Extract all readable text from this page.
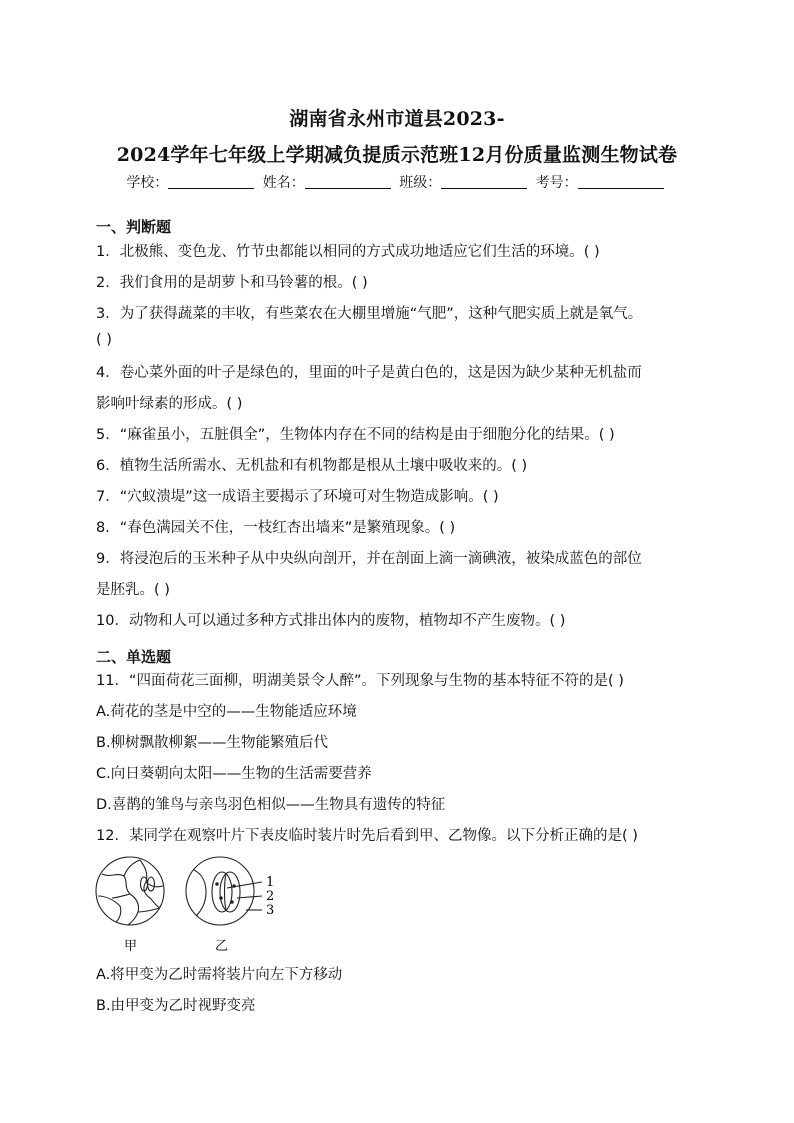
湖南省永州市道县2023-
2024学年七年级上学期减负提质示范班12月份质量监测生物试卷
学校：	姓名：	班级：	考号：
一、判断题
1．北极熊、变色龙、竹节虫都能以相同的方式成功地适应它们生活的环境。( )
2．我们食用的是胡萝卜和马铃薯的根。( )
3．为了获得蔬菜的丰收，有些菜农在大棚里增施“气肥”，这种气肥实质上就是氧气。
( )
4．卷心菜外面的叶子是绿色的，里面的叶子是黄白色的，这是因为缺少某种无机盐而
影响叶绿素的形成。( )
5．“麻雀虽小，五脏俱全”，生物体内存在不同的结构是由于细胞分化的结果。( )
6．植物生活所需水、无机盐和有机物都是根从土壤中吸收来的。( )
7．“穴蚁溃堤”这一成语主要揭示了环境可对生物造成影响。( )
8．“春色满园关不住，一枝红杏出墙来”是繁殖现象。( )
9．将浸泡后的玉米种子从中央纵向剖开，并在剖面上滴一滴碘液，被染成蓝色的部位
是胚乳。( )
10．动物和人可以通过多种方式排出体内的废物，植物却不产生废物。( )
二、单选题
11．“四面荷花三面柳，明湖美景令人醉”。下列现象与生物的基本特征不符的是( )
A.荷花的茎是中空的——生物能适应环境
B.柳树飘散柳絮——生物能繁殖后代
C.向日葵朝向太阳——生物的生活需要营养
D.喜鹊的雏鸟与亲鸟羽色相似——生物具有遗传的特征
12．某同学在观察叶片下表皮临时装片时先后看到甲、乙物像。以下分析正确的是( )
1
2
3
甲	乙
A.将甲变为乙时需将装片向左下方移动
B.由甲变为乙时视野变亮
